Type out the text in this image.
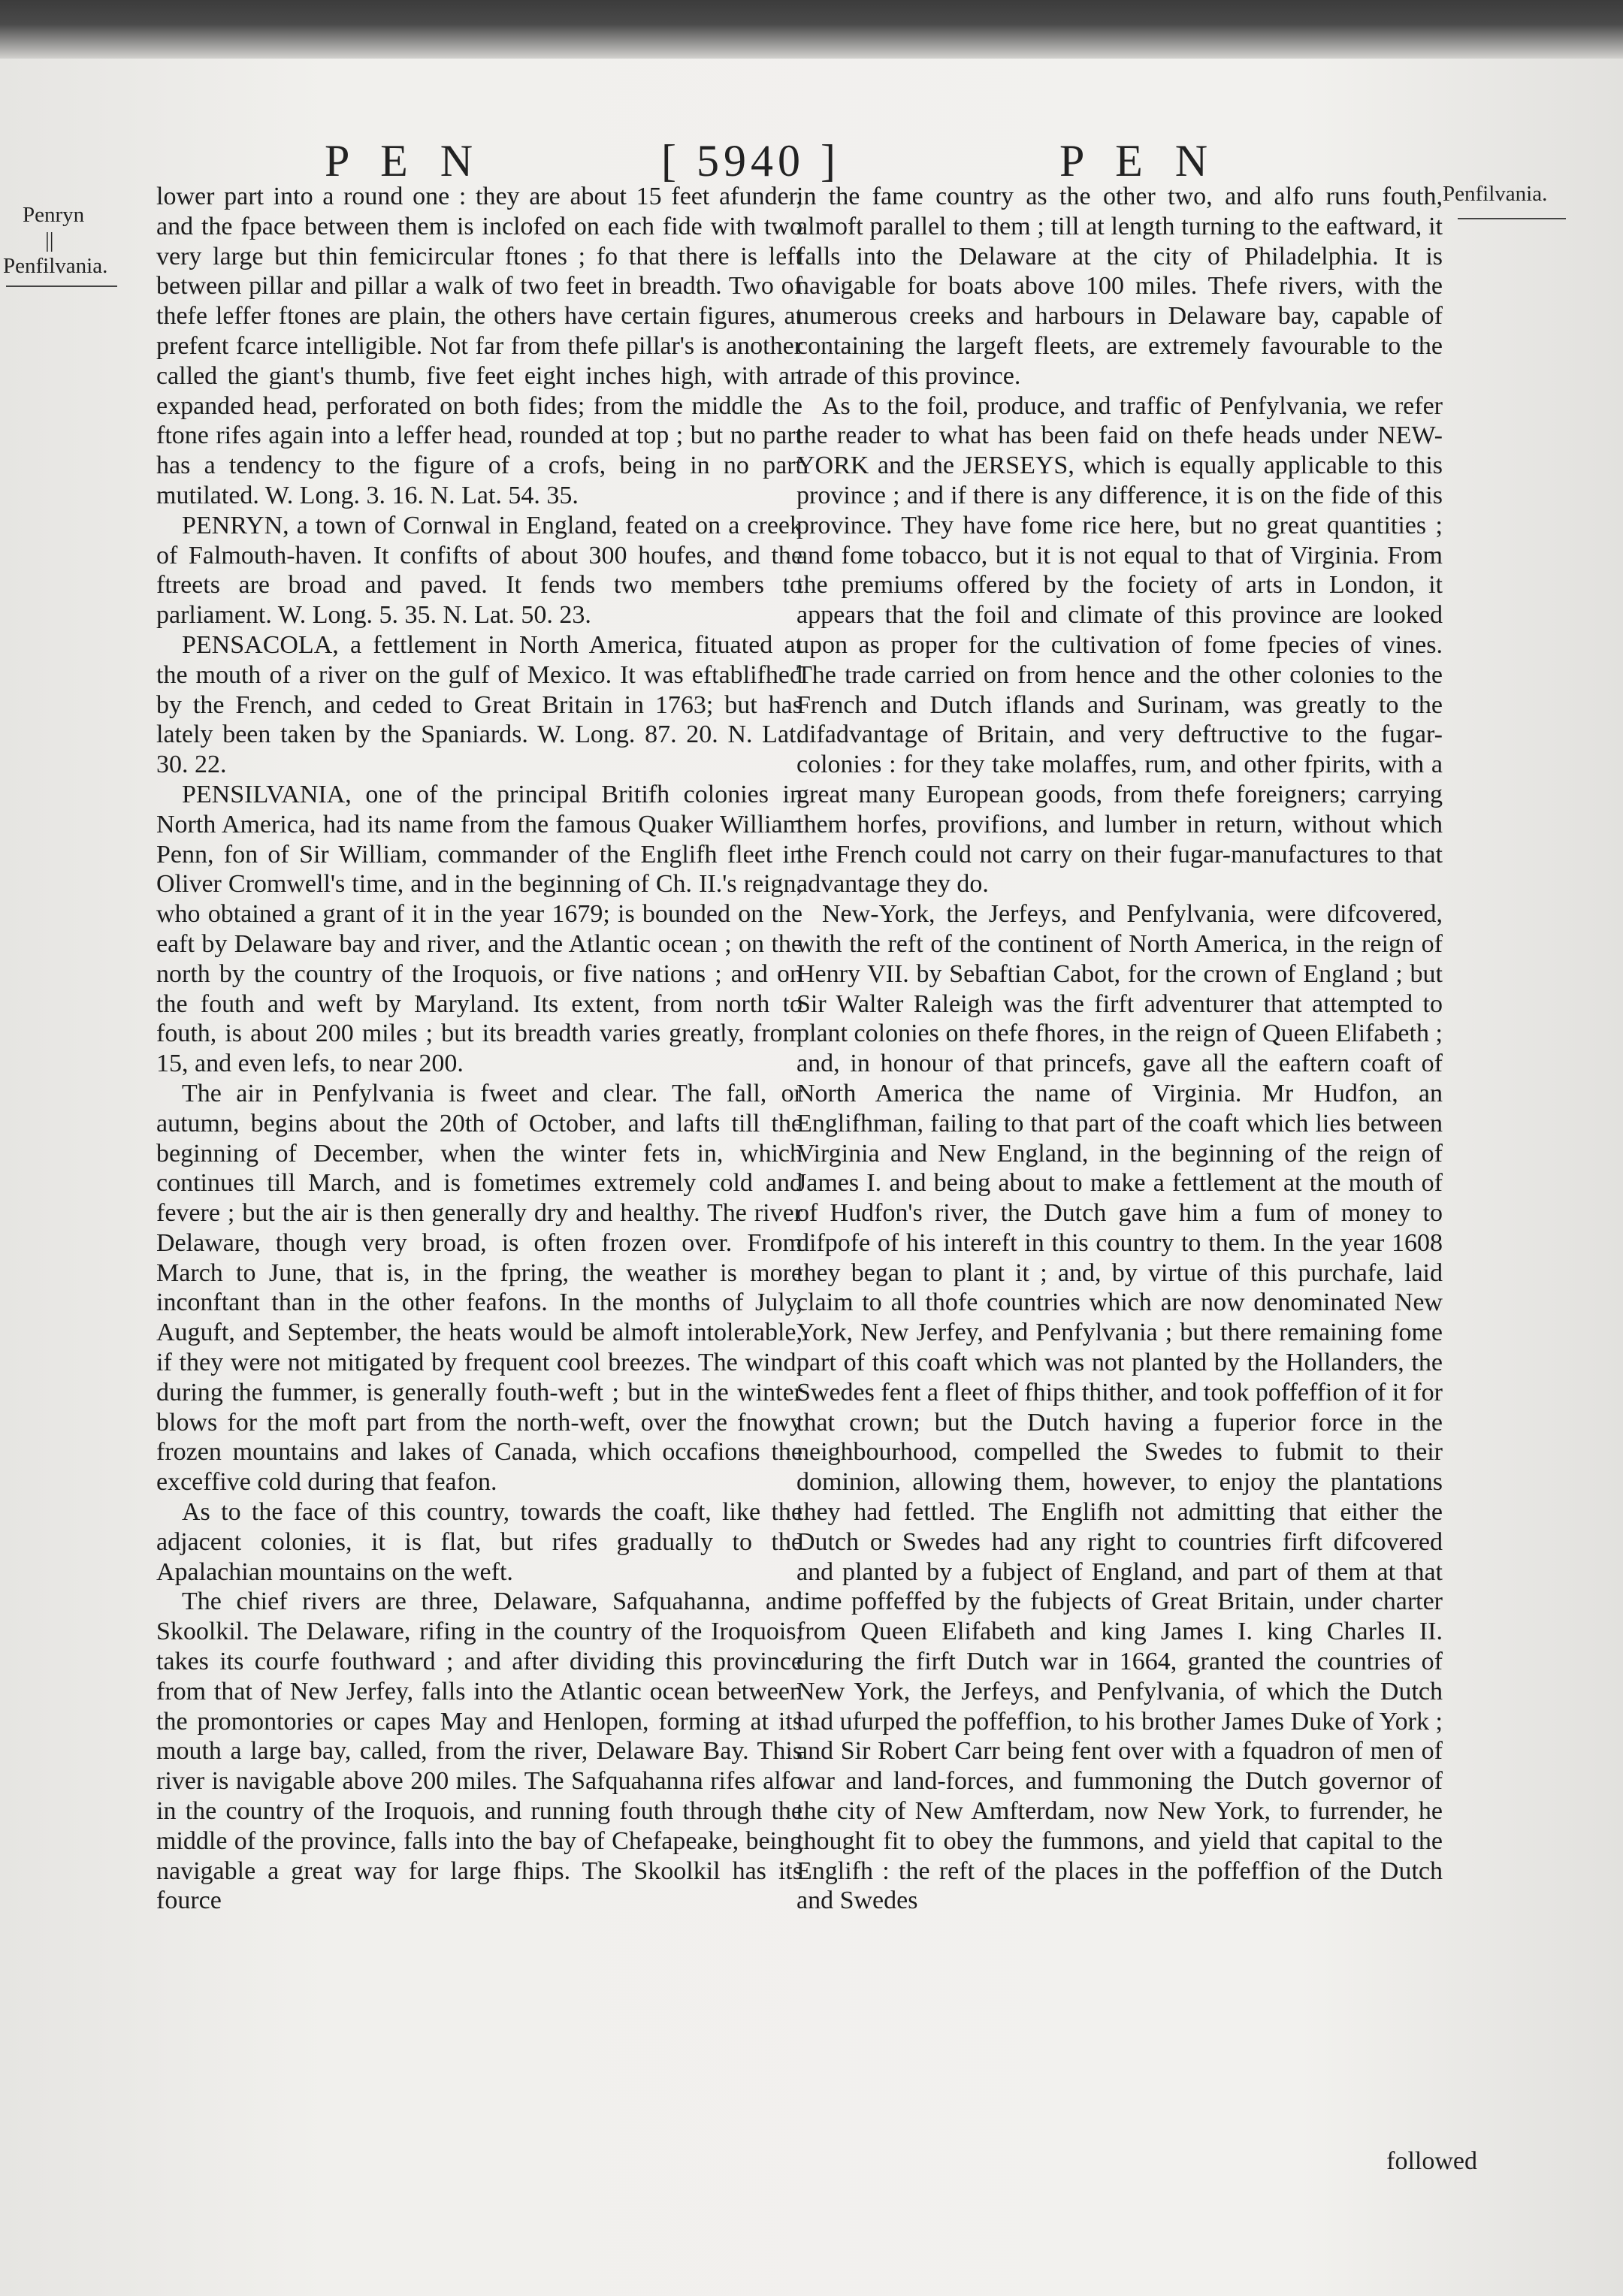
P E N	[ 5940 ]	P E N
Penryn
||
Penfilvania.
Penfilvania.

lower part into a round one : they are about 15 feet afunder, and the fpace between them is inclofed on each fide with two very large but thin femicircular ftones ; fo that there is left between pillar and pillar a walk of two feet in breadth. Two of thefe leffer ftones are plain, the others have certain figures, at prefent fcarce intelligible. Not far from thefe pillar's is another called the giant's thumb, five feet eight inches high, with an expanded head, perforated on both fides; from the middle the ftone rifes again into a leffer head, rounded at top ; but no part has a tendency to the figure of a crofs, being in no part mutilated. W. Long. 3. 16. N. Lat. 54. 35.

PENRYN, a town of Cornwal in England, feated on a creek of Falmouth-haven. It confifts of about 300 houfes, and the ftreets are broad and paved. It fends two members to parliament. W. Long. 5. 35. N. Lat. 50. 23.

PENSACOLA, a fettlement in North America, fituated at the mouth of a river on the gulf of Mexico. It was eftablifhed by the French, and ceded to Great Britain in 1763; but has lately been taken by the Spaniards. W. Long. 87. 20. N. Lat. 30. 22.

PENSILVANIA, one of the principal Britifh colonies in North America, had its name from the famous Quaker William Penn, fon of Sir William, commander of the Englifh fleet in Oliver Cromwell's time, and in the beginning of Ch. II.'s reign, who obtained a grant of it in the year 1679; is bounded on the eaft by Delaware bay and river, and the Atlantic ocean ; on the north by the country of the Iroquois, or five nations ; and on the fouth and weft by Maryland. Its extent, from north to fouth, is about 200 miles ; but its breadth varies greatly, from 15, and even lefs, to near 200.

The air in Penfylvania is fweet and clear. The fall, or autumn, begins about the 20th of October, and lafts till the beginning of December, when the winter fets in, which continues till March, and is fometimes extremely cold and fevere ; but the air is then generally dry and healthy. The river Delaware, though very broad, is often frozen over. From March to June, that is, in the fpring, the weather is more inconftant than in the other feafons. In the months of July, Auguft, and September, the heats would be almoft intolerable, if they were not mitigated by frequent cool breezes. The wind, during the fummer, is generally fouth-weft ; but in the winter blows for the moft part from the north-weft, over the fnowy frozen mountains and lakes of Canada, which occafions the exceffive cold during that feafon.

As to the face of this country, towards the coaft, like the adjacent colonies, it is flat, but rifes gradually to the Apalachian mountains on the weft.

The chief rivers are three, Delaware, Safquahanna, and Skoolkil. The Delaware, rifing in the country of the Iroquois, takes its courfe fouthward ; and after dividing this province from that of New Jerfey, falls into the Atlantic ocean between the promontories or capes May and Henlopen, forming at its mouth a large bay, called, from the river, Delaware Bay. This river is navigable above 200 miles. The Safquahanna rifes alfo in the country of the Iroquois, and running fouth through the middle of the province, falls into the bay of Chefapeake, being navigable a great way for large fhips. The Skoolkil has its fource

in the fame country as the other two, and alfo runs fouth, almoft parallel to them ; till at length turning to the eaftward, it falls into the Delaware at the city of Philadelphia. It is navigable for boats above 100 miles. Thefe rivers, with the numerous creeks and harbours in Delaware bay, capable of containing the largeft fleets, are extremely favourable to the trade of this province.

As to the foil, produce, and traffic of Penfylvania, we refer the reader to what has been faid on thefe heads under NEW-YORK and the JERSEYS, which is equally applicable to this province ; and if there is any difference, it is on the fide of this province. They have fome rice here, but no great quantities ; and fome tobacco, but it is not equal to that of Virginia. From the premiums offered by the fociety of arts in London, it appears that the foil and climate of this province are looked upon as proper for the cultivation of fome fpecies of vines. The trade carried on from hence and the other colonies to the French and Dutch iflands and Surinam, was greatly to the difadvantage of Britain, and very deftructive to the fugar-colonies : for they take molaffes, rum, and other fpirits, with a great many European goods, from thefe foreigners; carrying them horfes, provifions, and lumber in return, without which the French could not carry on their fugar-manufactures to that advantage they do.

New-York, the Jerfeys, and Penfylvania, were difcovered, with the reft of the continent of North America, in the reign of Henry VII. by Sebaftian Cabot, for the crown of England ; but Sir Walter Raleigh was the firft adventurer that attempted to plant colonies on thefe fhores, in the reign of Queen Elifabeth ; and, in honour of that princefs, gave all the eaftern coaft of North America the name of Virginia. Mr Hudfon, an Englifhman, failing to that part of the coaft which lies between Virginia and New England, in the beginning of the reign of James I. and being about to make a fettlement at the mouth of of Hudfon's river, the Dutch gave him a fum of money to difpofe of his intereft in this country to them. In the year 1608 they began to plant it ; and, by virtue of this purchafe, laid claim to all thofe countries which are now denominated New York, New Jerfey, and Penfylvania ; but there remaining fome part of this coaft which was not planted by the Hollanders, the Swedes fent a fleet of fhips thither, and took poffeffion of it for that crown; but the Dutch having a fuperior force in the neighbourhood, compelled the Swedes to fubmit to their dominion, allowing them, however, to enjoy the plantations they had fettled. The Englifh not admitting that either the Dutch or Swedes had any right to countries firft difcovered and planted by a fubject of England, and part of them at that time poffeffed by the fubjects of Great Britain, under charter from Queen Elifabeth and king James I. king Charles II. during the firft Dutch war in 1664, granted the countries of New York, the Jerfeys, and Penfylvania, of which the Dutch had ufurped the poffeffion, to his brother James Duke of York ; and Sir Robert Carr being fent over with a fquadron of men of war and land-forces, and fummoning the Dutch governor of the city of New Amfterdam, now New York, to furrender, he thought fit to obey the fummons, and yield that capital to the Englifh : the reft of the places in the poffeffion of the Dutch and Swedes

followed
